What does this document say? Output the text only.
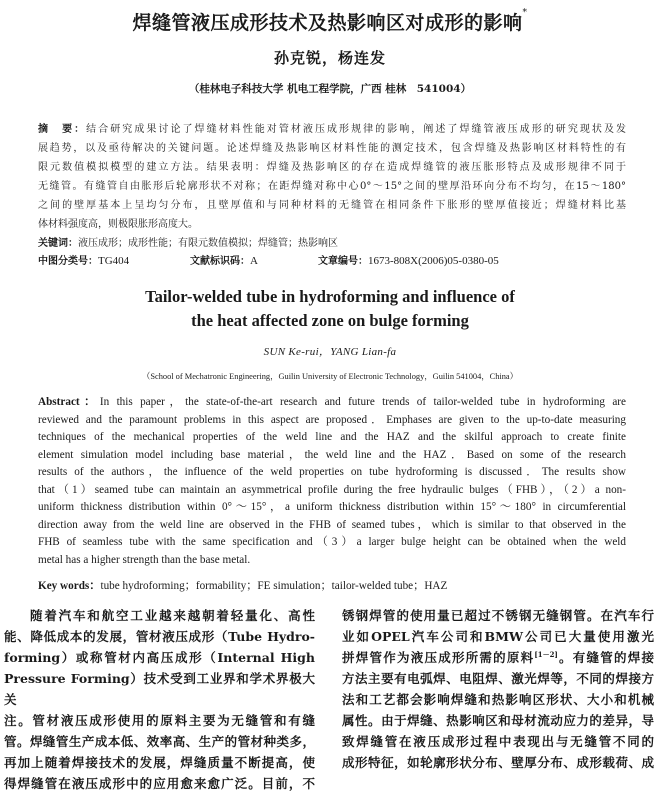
焊缝管液压成形技术及热影响区对成形的影响*
孙克锐，杨连发
（桂林电子科技大学 机电工程学院，广西 桂林　541004）
摘　要：结合研究成果讨论了焊缝材料性能对管材液压成形规律的影响，阐述了焊缝管液压成形的研究现状及发
展趋势，以及亟待解决的关键问题。论述焊缝及热影响区材料性能的测定技术，包含焊缝及热影响区材料特性的有
限元数值模拟模型的建立方法。结果表明：焊缝及热影响区的存在造成焊缝管的液压胀形特点及成形规律不同于
无缝管。有缝管自由胀形后轮廓形状不对称；在距焊缝对称中心0°～15°之间的壁厚沿环向分布不均匀，在15～180°
之间的壁厚基本上呈均匀分布，且壁厚值和与同种材料的无缝管在相同条件下胀形的壁厚值接近；焊缝材料比基
体材料强度高，则极限胀形高度大。
关键词：液压成形；成形性能；有限元数值模拟；焊缝管；热影响区
中图分类号：TG404	文献标识码：A	文章编号：1673-808X(2006)05-0380-05
Tailor-welded tube in hydroforming and influence of
the heat affected zone on bulge forming
SUN Ke-rui，YANG Lian-fa
（School of Mechatronic Engineering，Guilin University of Electronic Technology，Guilin 541004，China）
Abstract：In this paper，the state-of-the-art research and future trends of tailor-welded tube in hydroforming are
reviewed and the paramount problems in this aspect are proposed．Emphases are given to the up-to-date measuring
techniques of the mechanical properties of the weld line and the HAZ and the skilful approach to create finite
element simulation model including base material，the weld line and the HAZ．Based on some of the research
results of the authors，the influence of the weld properties on tube hydroforming is discussed．The results show
that（1）seamed tube can maintain an asymmetrical profile during the free hydraulic bulges（FHB），（2）a non-
uniform thickness distribution within 0°～15°，a uniform thickness distribution within 15°～180° in circumferential
direction away from the weld line are observed in the FHB of seamed tubes，which is similar to that observed in the
FHB of seamless tube with the same specification and（3）a larger bulge height can be obtained when the weld
metal has a higher strength than the base metal.
Key words：tube hydroforming；formability；FE simulation；tailor-welded tube；HAZ
随着汽车和航空工业越来越朝着轻量化、高性
能、降低成本的发展，管材液压成形（Tube Hydro-
forming）或称管材内高压成形（Internal High
Pressure Forming）技术受到工业界和学术界极大关
注。管材液压成形使用的原料主要为无缝管和有缝
管。焊缝管生产成本低、效率高、生产的管材种类多，
再加上随着焊接技术的发展，焊缝质量不断提高，使
得焊缝管在液压成形中的应用愈来愈广泛。目前，不
锈钢焊管的使用量已超过不锈钢无缝钢管。在汽车行
业如OPEL汽车公司和BMW公司已大量使用激光
拼焊管作为液压成形所需的原料[1－2]。有缝管的焊接
方法主要有电弧焊、电阻焊、激光焊等，不同的焊接方
法和工艺都会影响焊缝和热影响区形状、大小和机械
属性。由于焊缝、热影响区和母材流动应力的差异，导
致焊缝管在液压成形过程中表现出与无缝管不同的
成形特征，如轮廓形状分布、壁厚分布、成形载荷、成
